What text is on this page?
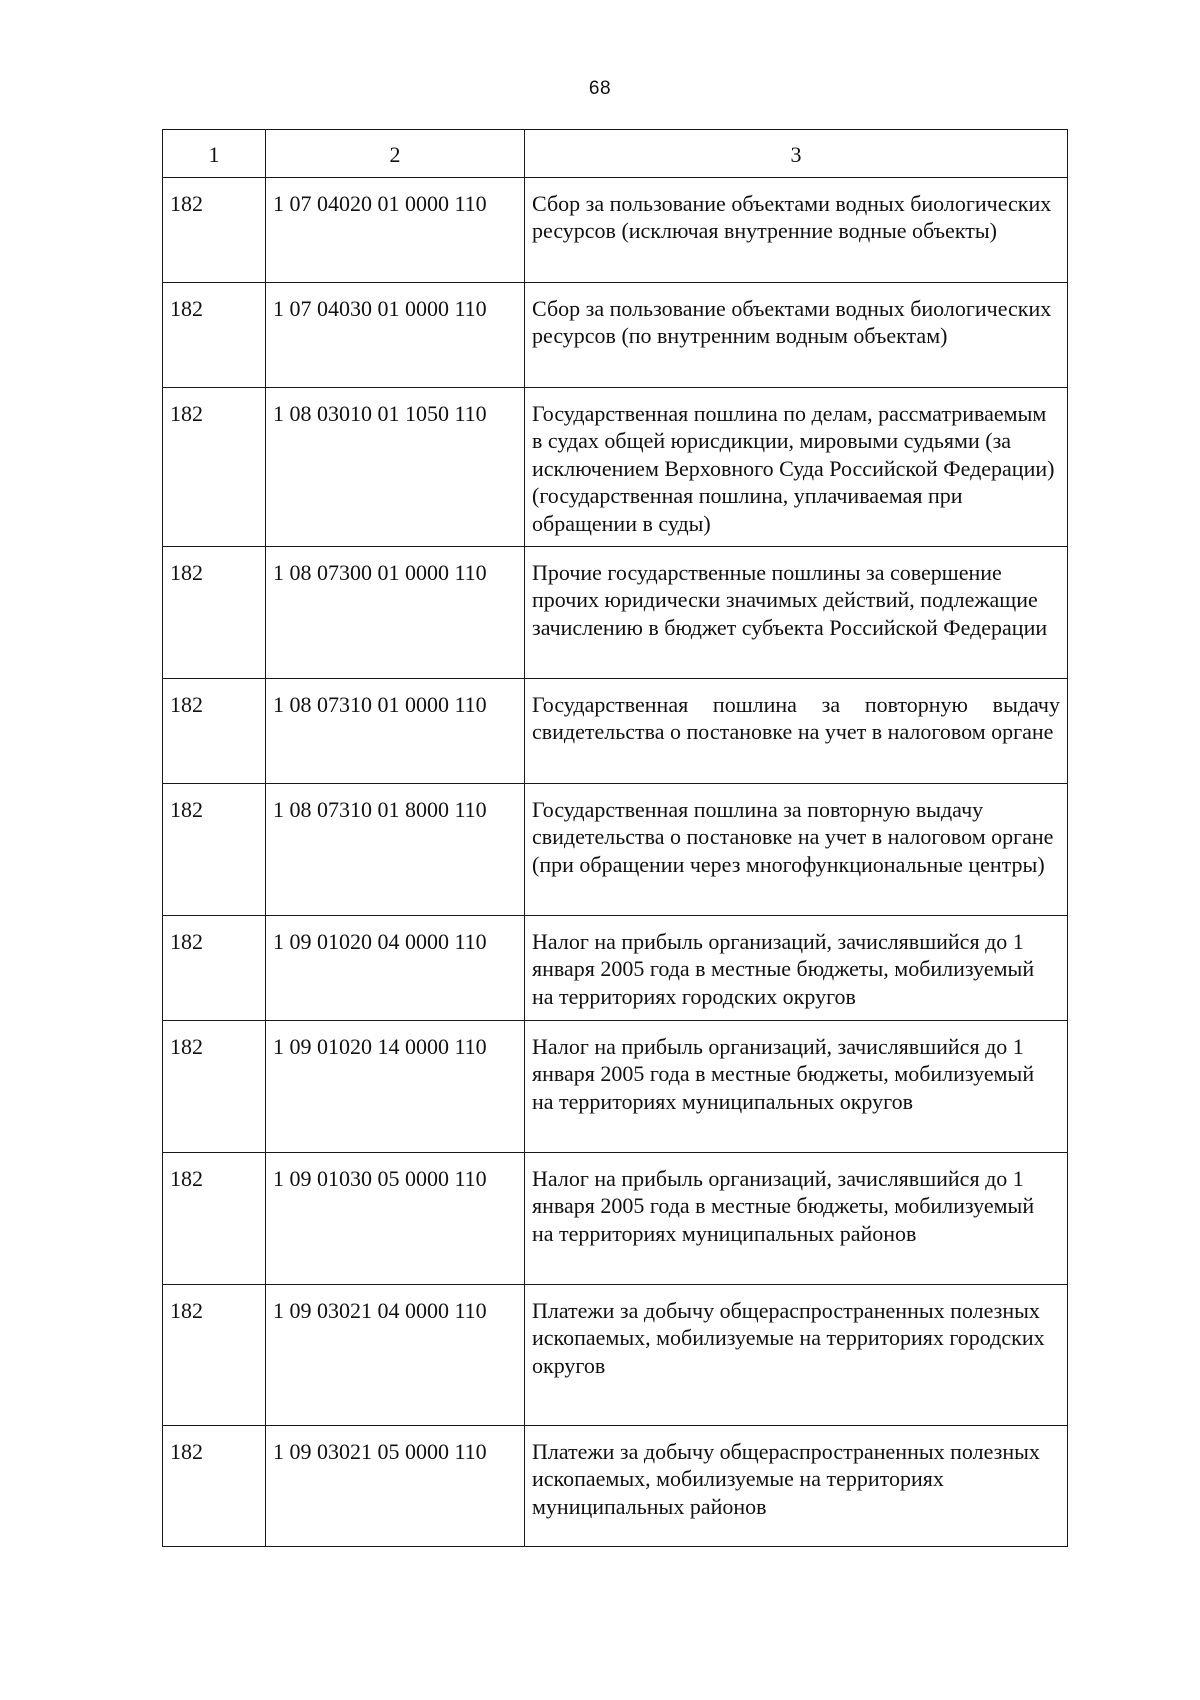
68
1	2	3
182	1 07 04020 01 0000 110	Сбор за пользование объектами водных биологических ресурсов (исключая внутренние водные объекты)
182	1 07 04030 01 0000 110	Сбор за пользование объектами водных биологических ресурсов (по внутренним водным объектам)
182	1 08 03010 01 1050 110	Государственная пошлина по делам, рассматриваемым в судах общей юрисдикции, мировыми судьями (за исключением Верховного Суда Российской Федерации) (государственная пошлина, уплачиваемая при обращении в суды)
182	1 08 07300 01 0000 110	Прочие государственные пошлины за совершение прочих юридически значимых действий, подлежащие зачислению в бюджет субъекта Российской Федерации
182	1 08 07310 01 0000 110	Государственная пошлина за повторную выдачу свидетельства о постановке на учет в налоговом органе
182	1 08 07310 01 8000 110	Государственная пошлина за повторную выдачу свидетельства о постановке на учет в налоговом органе (при обращении через многофункциональные центры)
182	1 09 01020 04 0000 110	Налог на прибыль организаций, зачислявшийся до 1 января 2005 года в местные бюджеты, мобилизуемый на территориях городских округов
182	1 09 01020 14 0000 110	Налог на прибыль организаций, зачислявшийся до 1 января 2005 года в местные бюджеты, мобилизуемый на территориях муниципальных округов
182	1 09 01030 05 0000 110	Налог на прибыль организаций, зачислявшийся до 1 января 2005 года в местные бюджеты, мобилизуемый на территориях муниципальных районов
182	1 09 03021 04 0000 110	Платежи за добычу общераспространенных полезных ископаемых, мобилизуемые на территориях городских округов
182	1 09 03021 05 0000 110	Платежи за добычу общераспространенных полезных ископаемых, мобилизуемые на территориях муниципальных районов
